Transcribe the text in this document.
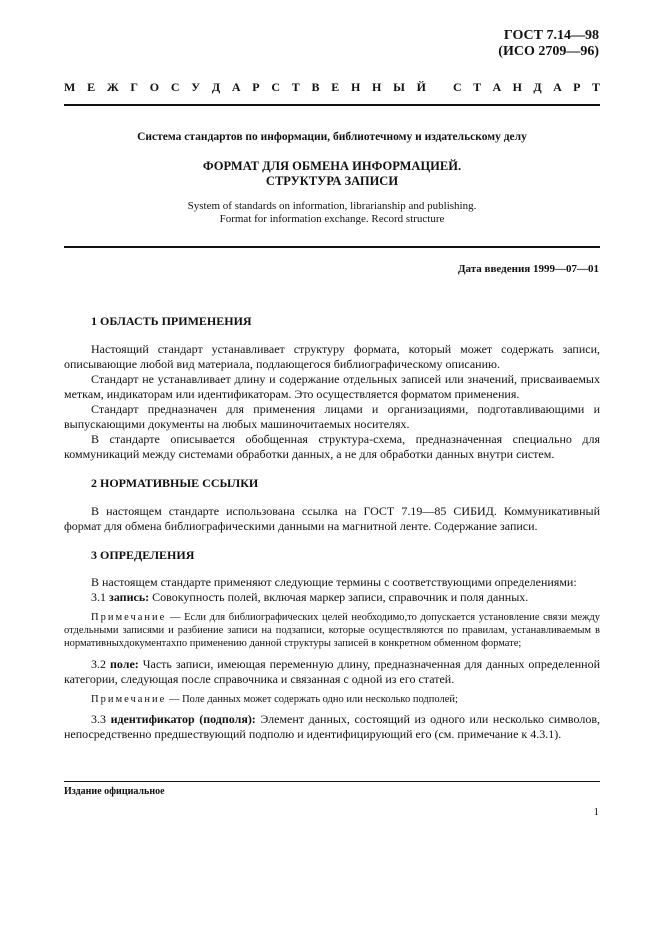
ГОСТ 7.14—98
(ИСО 2709—96)
М Е Ж Г О С У Д А Р С Т В Е Н Н Ы Й С Т А Н Д А Р Т
Система стандартов по информации, библиотечному и издательскому делу
ФОРМАТ ДЛЯ ОБМЕНА ИНФОРМАЦИЕЙ.
СТРУКТУРА ЗАПИСИ
System of standards on information, librarianship and publishing.
Format for information exchange. Record structure
Дата введения 1999—07—01
1 ОБЛАСТЬ ПРИМЕНЕНИЯ

Настоящий стандарт устанавливает структуру формата, который может содержать записи, описывающие любой вид материала, подлающегося библиографическому описанию.

Стандарт не устанавливает длину и содержание отдельных записей или значений, присваиваемых меткам, индикаторам или идентификаторам. Это осуществляется форматом применения.

Стандарт предназначен для применения лицами и организациями, подготавливающими и выпускающими документы на любых машиночитаемых носителях.

В стандарте описывается обобщенная структура-схема, предназначенная специально для коммуникаций между системами обработки данных, а не для обработки данных внутри систем.

2 НОРМАТИВНЫЕ ССЫЛКИ

В настоящем стандарте использована ссылка на ГОСТ 7.19—85 СИБИД. Коммуникативный формат для обмена библиографическими данными на магнитной ленте. Содержание записи.

3 ОПРЕДЕЛЕНИЯ

В настоящем стандарте применяют следующие термины с соответствующими определениями:

3.1 запись: Совокупность полей, включая маркер записи, справочник и поля данных.

Примечание — Если для библиографических целей необходимо,то допускается установление связи между отдельными записями и разбиение записи на подзаписи, которые осуществляются по правилам, устанавливаемым в нормативныхдокументахпо применению данной структуры записей в конкретном обменном формате;

3.2 поле: Часть записи, имеющая переменную длину, предназначенная для данных определенной категории, следующая после справочника и связанная с одной из его статей.

Примечание — Поле данных может содержать одно или несколько подполей;

3.3 идентификатор (подполя): Элемент данных, состоящий из одного или несколько символов, непосредственно предшествующий подполю и идентифицирующий его (см. примечание к 4.3.1).

Издание официальное
1
